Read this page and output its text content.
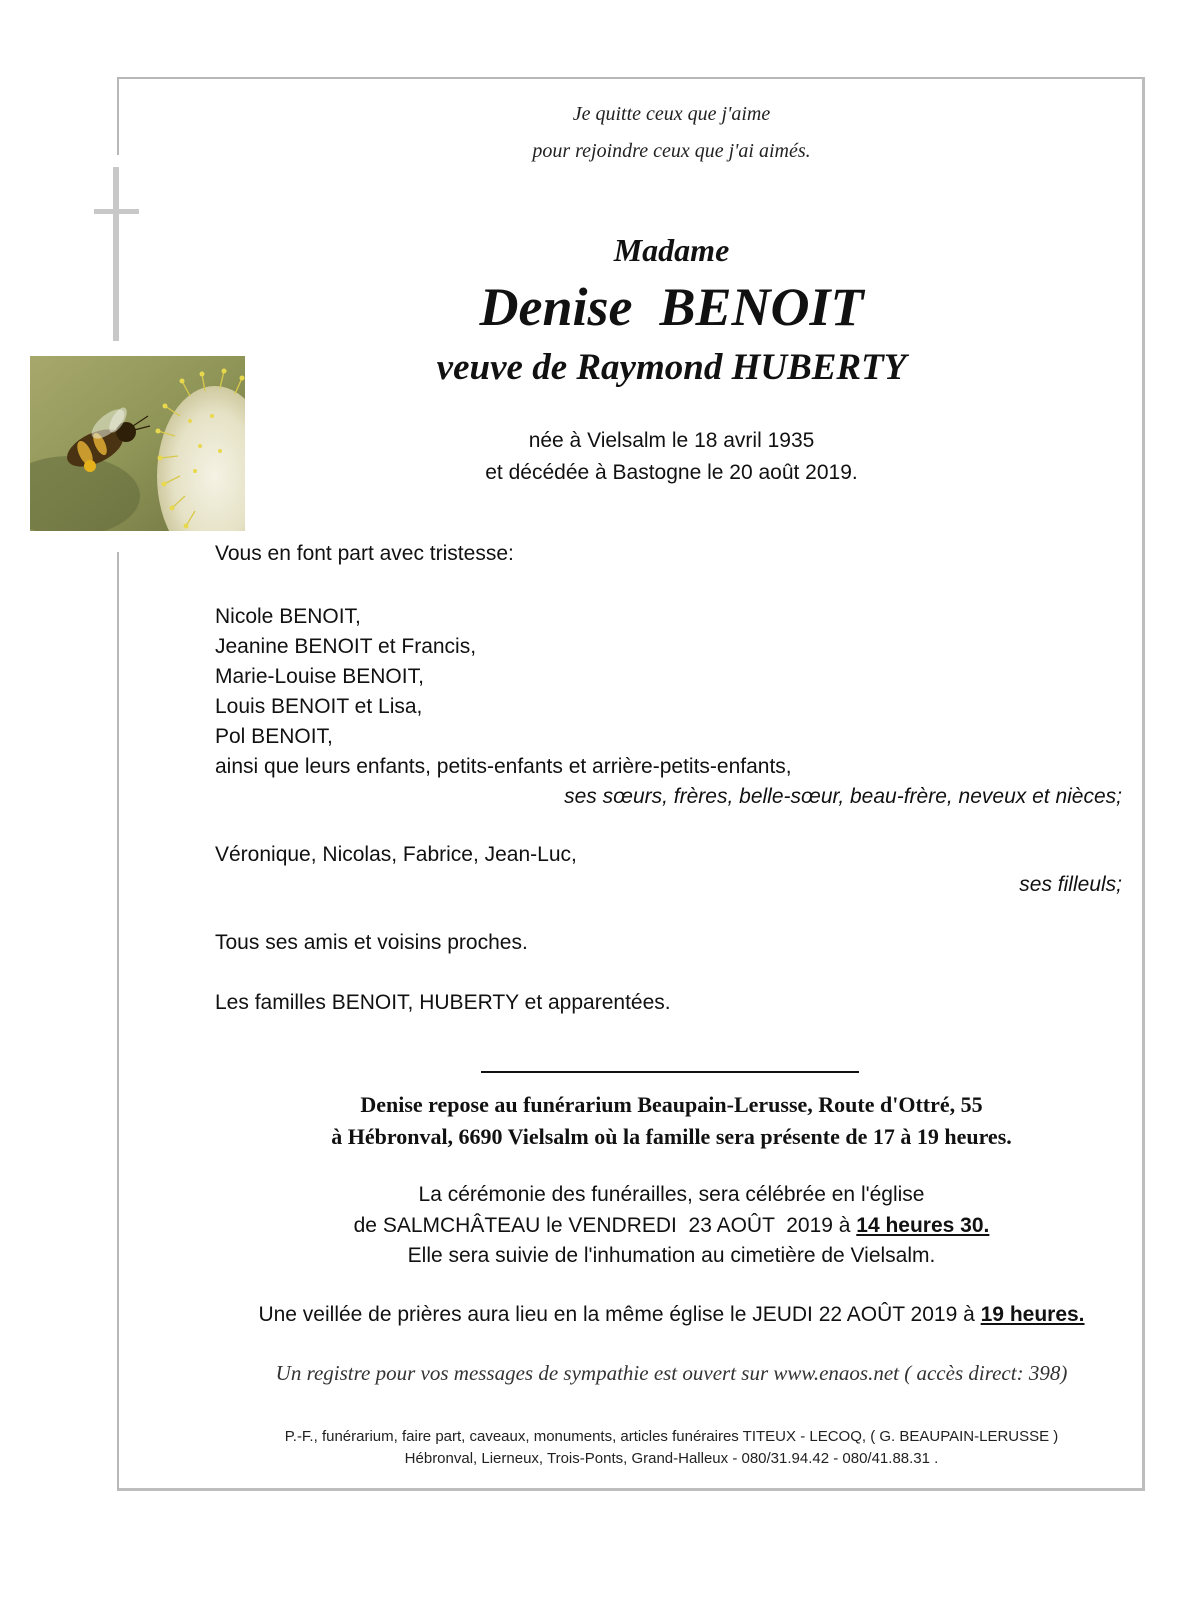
Je quitte ceux que j'aime
pour rejoindre ceux que j'ai aimés.
Madame
Denise  BENOIT
veuve de Raymond HUBERTY
née à Vielsalm le 18 avril 1935
et décédée à Bastogne le 20 août 2019.
Vous en font part avec tristesse:
Nicole BENOIT,
Jeanine BENOIT et Francis,
Marie-Louise BENOIT,
Louis BENOIT et Lisa,
Pol BENOIT,
ainsi que leurs enfants, petits-enfants et arrière-petits-enfants,
ses sœurs, frères, belle-sœur, beau-frère, neveux et nièces;
Véronique, Nicolas, Fabrice, Jean-Luc,
ses filleuls;
Tous ses amis et voisins proches.
Les familles BENOIT, HUBERTY et apparentées.
Denise repose au funérarium Beaupain-Lerusse, Route d'Ottré, 55
à Hébronval, 6690 Vielsalm où la famille sera présente de 17 à 19 heures.
La cérémonie des funérailles, sera célébrée en l'église
de SALMCHÂTEAU le VENDREDI  23 AOÛT  2019 à 14 heures 30.
Elle sera suivie de l'inhumation au cimetière de Vielsalm.
Une veillée de prières aura lieu en la même église le JEUDI 22 AOÛT 2019 à 19 heures.
Un registre pour vos messages de sympathie est ouvert sur www.enaos.net ( accès direct: 398)
P.-F., funérarium, faire part, caveaux, monuments, articles funéraires TITEUX - LECOQ, ( G. BEAUPAIN-LERUSSE )
Hébronval, Lierneux, Trois-Ponts, Grand-Halleux - 080/31.94.42 - 080/41.88.31 .
